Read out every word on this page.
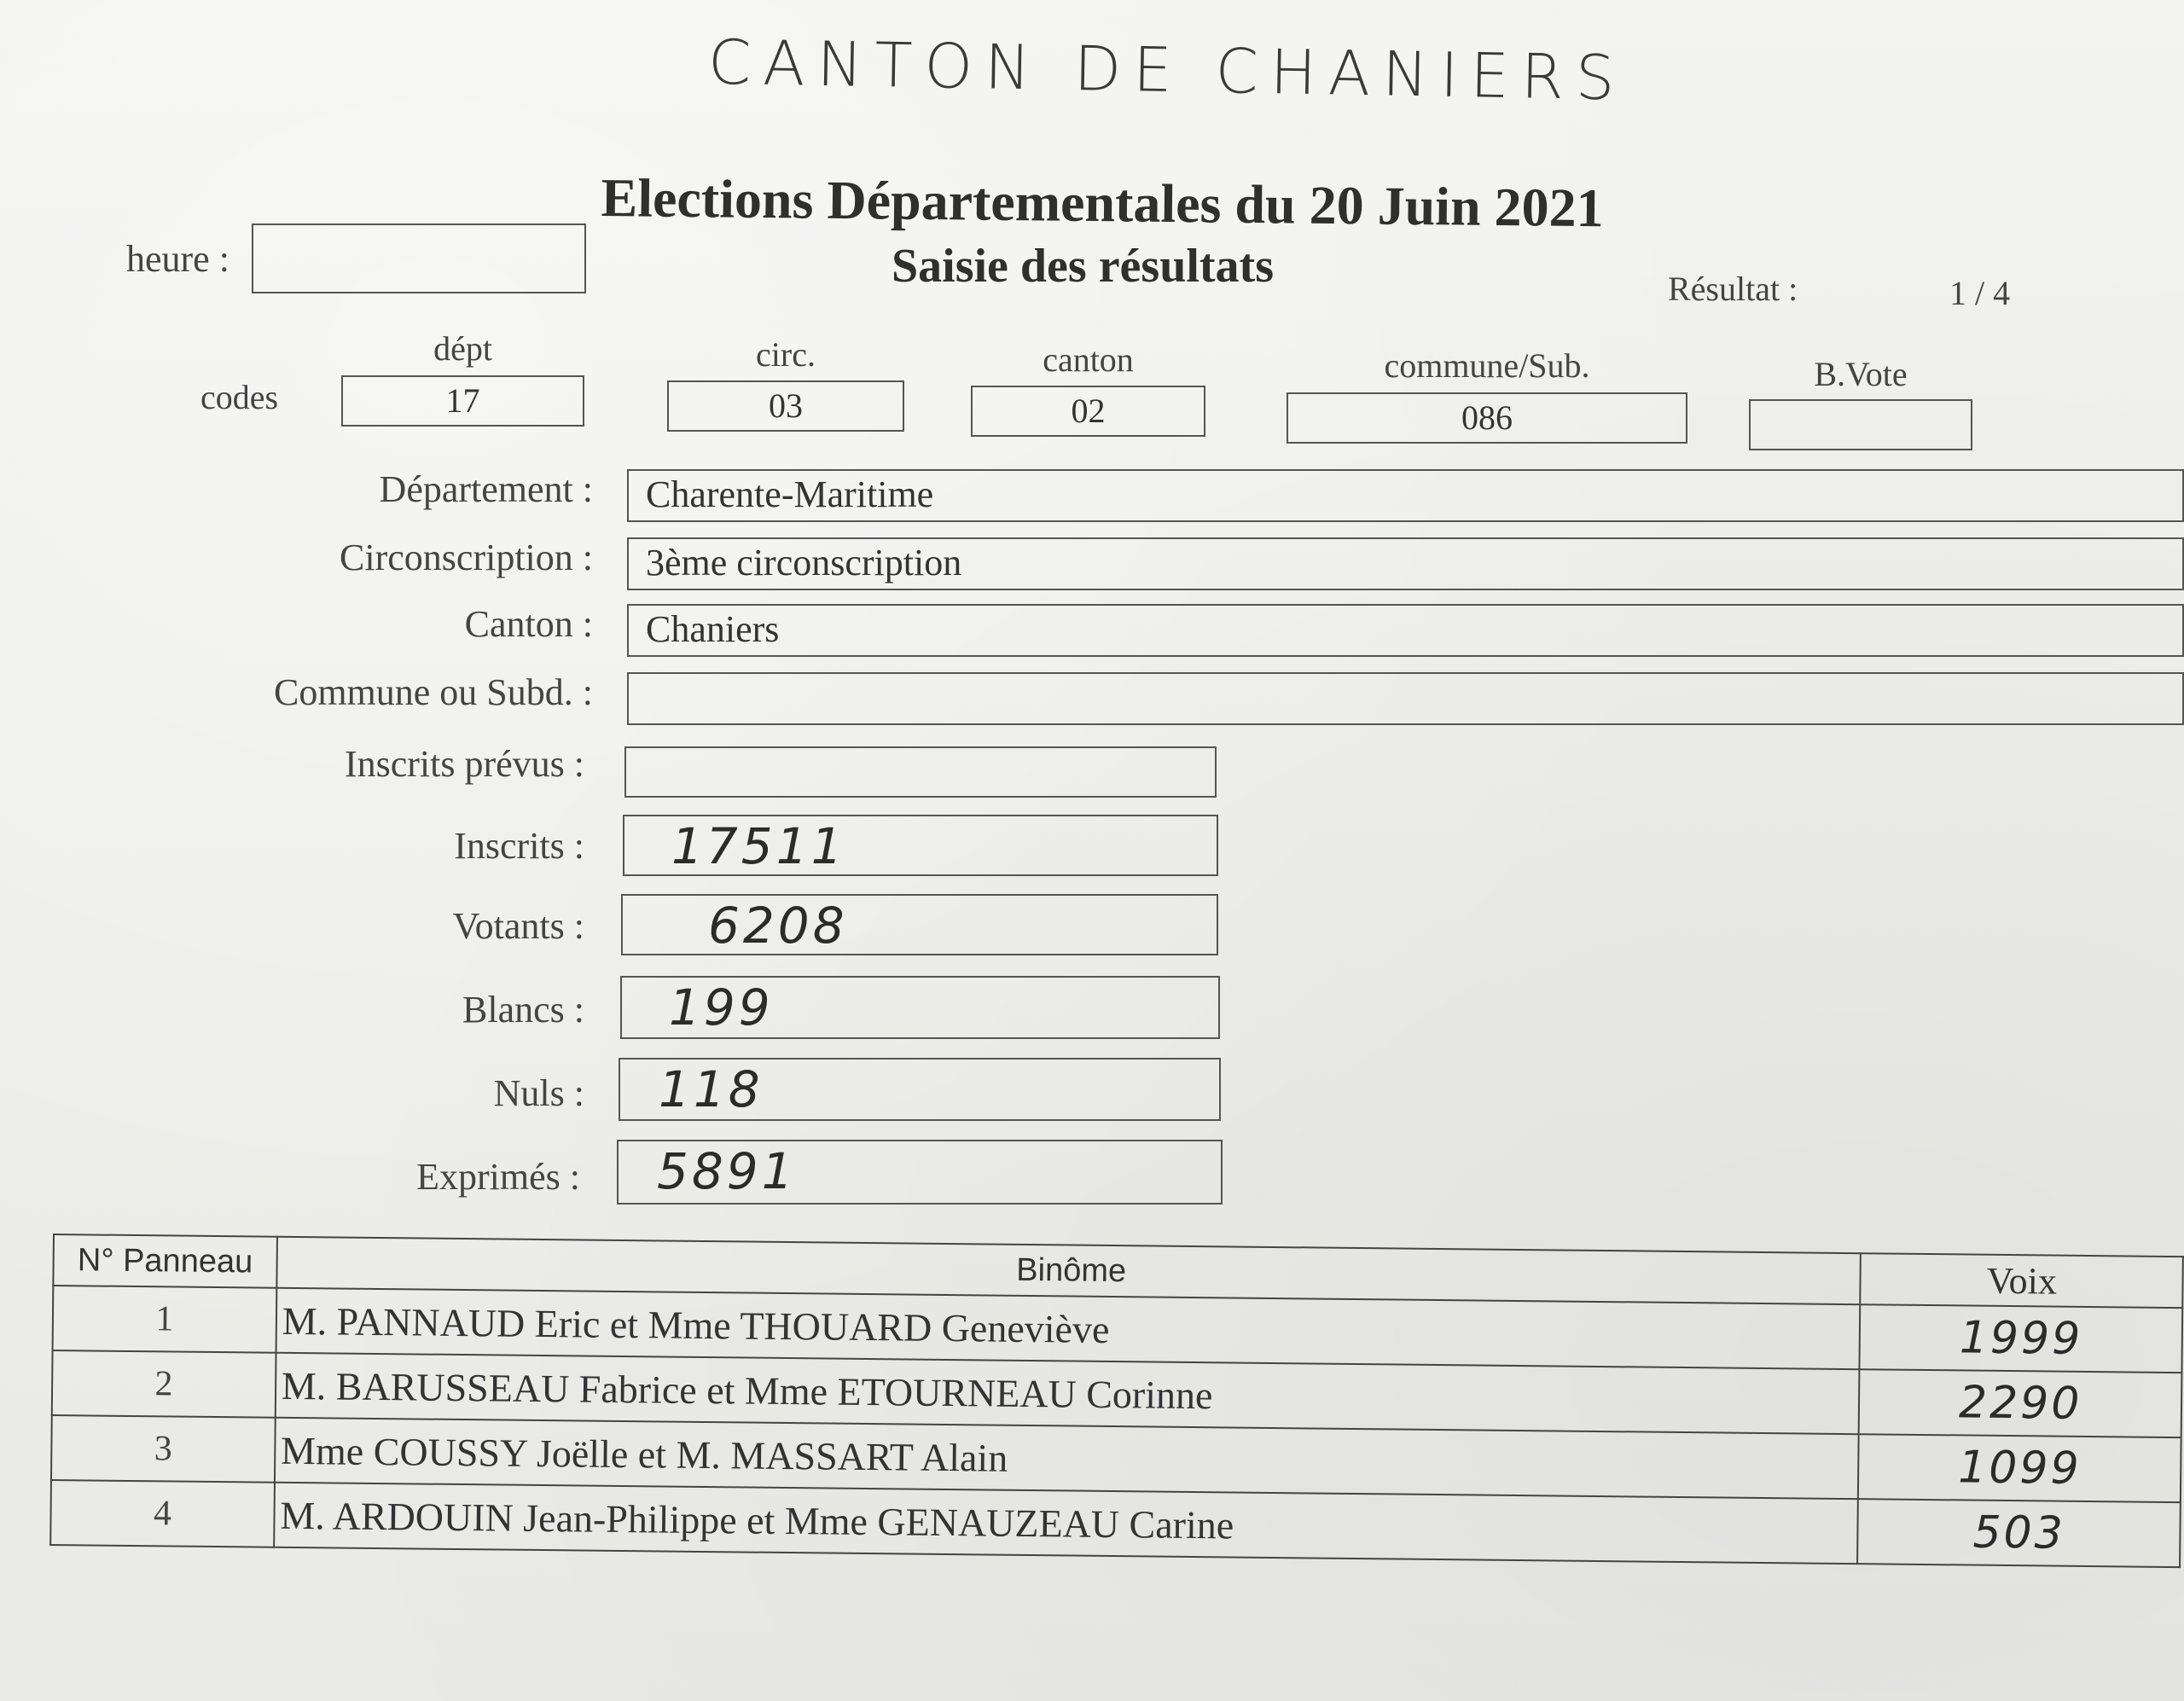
CANTON DE CHANIERS
Elections Départementales du 20 Juin 2021
Saisie des résultats
heure :
Résultat :	1 / 4
codes
dépt
17
circ.
03
canton
02
commune/Sub.
086
B.Vote
Département :	Charente-Maritime
Circonscription :	3ème circonscription
Canton :	Chaniers
Commune ou Subd. :
Inscrits prévus :
Inscrits :	17511
Votants :	6208
Blancs :	199
Nuls :	118
Exprimés :	5891
N° Panneau	Binôme	Voix
1	M. PANNAUD Eric et Mme THOUARD Geneviève	1999
2	M. BARUSSEAU Fabrice et Mme ETOURNEAU Corinne	2290
3	Mme COUSSY Joëlle et M. MASSART Alain	1099
4	M. ARDOUIN Jean-Philippe et Mme GENAUZEAU Carine	503
